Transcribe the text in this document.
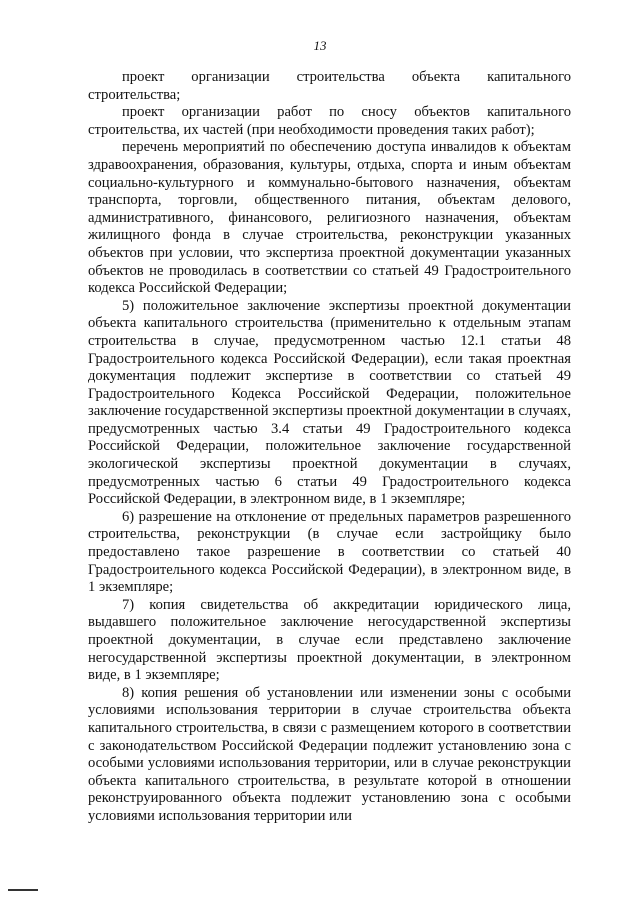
13

проект организации строительства объекта капитального строительства;

проект организации работ по сносу объектов капитального строительства, их частей (при необходимости проведения таких работ);

перечень мероприятий по обеспечению доступа инвалидов к объектам здравоохранения, образования, культуры, отдыха, спорта и иным объектам социально-культурного и коммунально-бытового назначения, объектам транспорта, торговли, общественного питания, объектам делового, административного, финансового, религиозного назначения, объектам жилищного фонда в случае строительства, реконструкции указанных объектов при условии, что экспертиза проектной документации указанных объектов не проводилась в соответствии со статьей 49 Градостроительного кодекса Российской Федерации;

5) положительное заключение экспертизы проектной документации объекта капитального строительства (применительно к отдельным этапам строительства в случае, предусмотренном частью 12.1 статьи 48 Градостроительного кодекса Российской Федерации), если такая проектная документация подлежит экспертизе в соответствии со статьей 49 Градостроительного Кодекса Российской Федерации, положительное заключение государственной экспертизы проектной документации в случаях, предусмотренных частью 3.4 статьи 49 Градостроительного кодекса Российской Федерации, положительное заключение государственной экологической экспертизы проектной документации в случаях, предусмотренных частью 6 статьи 49 Градостроительного кодекса Российской Федерации, в электронном виде, в 1 экземпляре;

6) разрешение на отклонение от предельных параметров разрешенного строительства, реконструкции (в случае если застройщику было предоставлено такое разрешение в соответствии со статьей 40 Градостроительного кодекса Российской Федерации), в электронном виде, в 1 экземпляре;

7) копия свидетельства об аккредитации юридического лица, выдавшего положительное заключение негосударственной экспертизы проектной документации, в случае если представлено заключение негосударственной экспертизы проектной документации, в электронном виде, в 1 экземпляре;

8) копия решения об установлении или изменении зоны с особыми условиями использования территории в случае строительства объекта капитального строительства, в связи с размещением которого в соответствии с законодательством Российской Федерации подлежит установлению зона с особыми условиями использования территории, или в случае реконструкции объекта капитального строительства, в результате которой в отношении реконструированного объекта подлежит установлению зона с особыми условиями использования территории или
